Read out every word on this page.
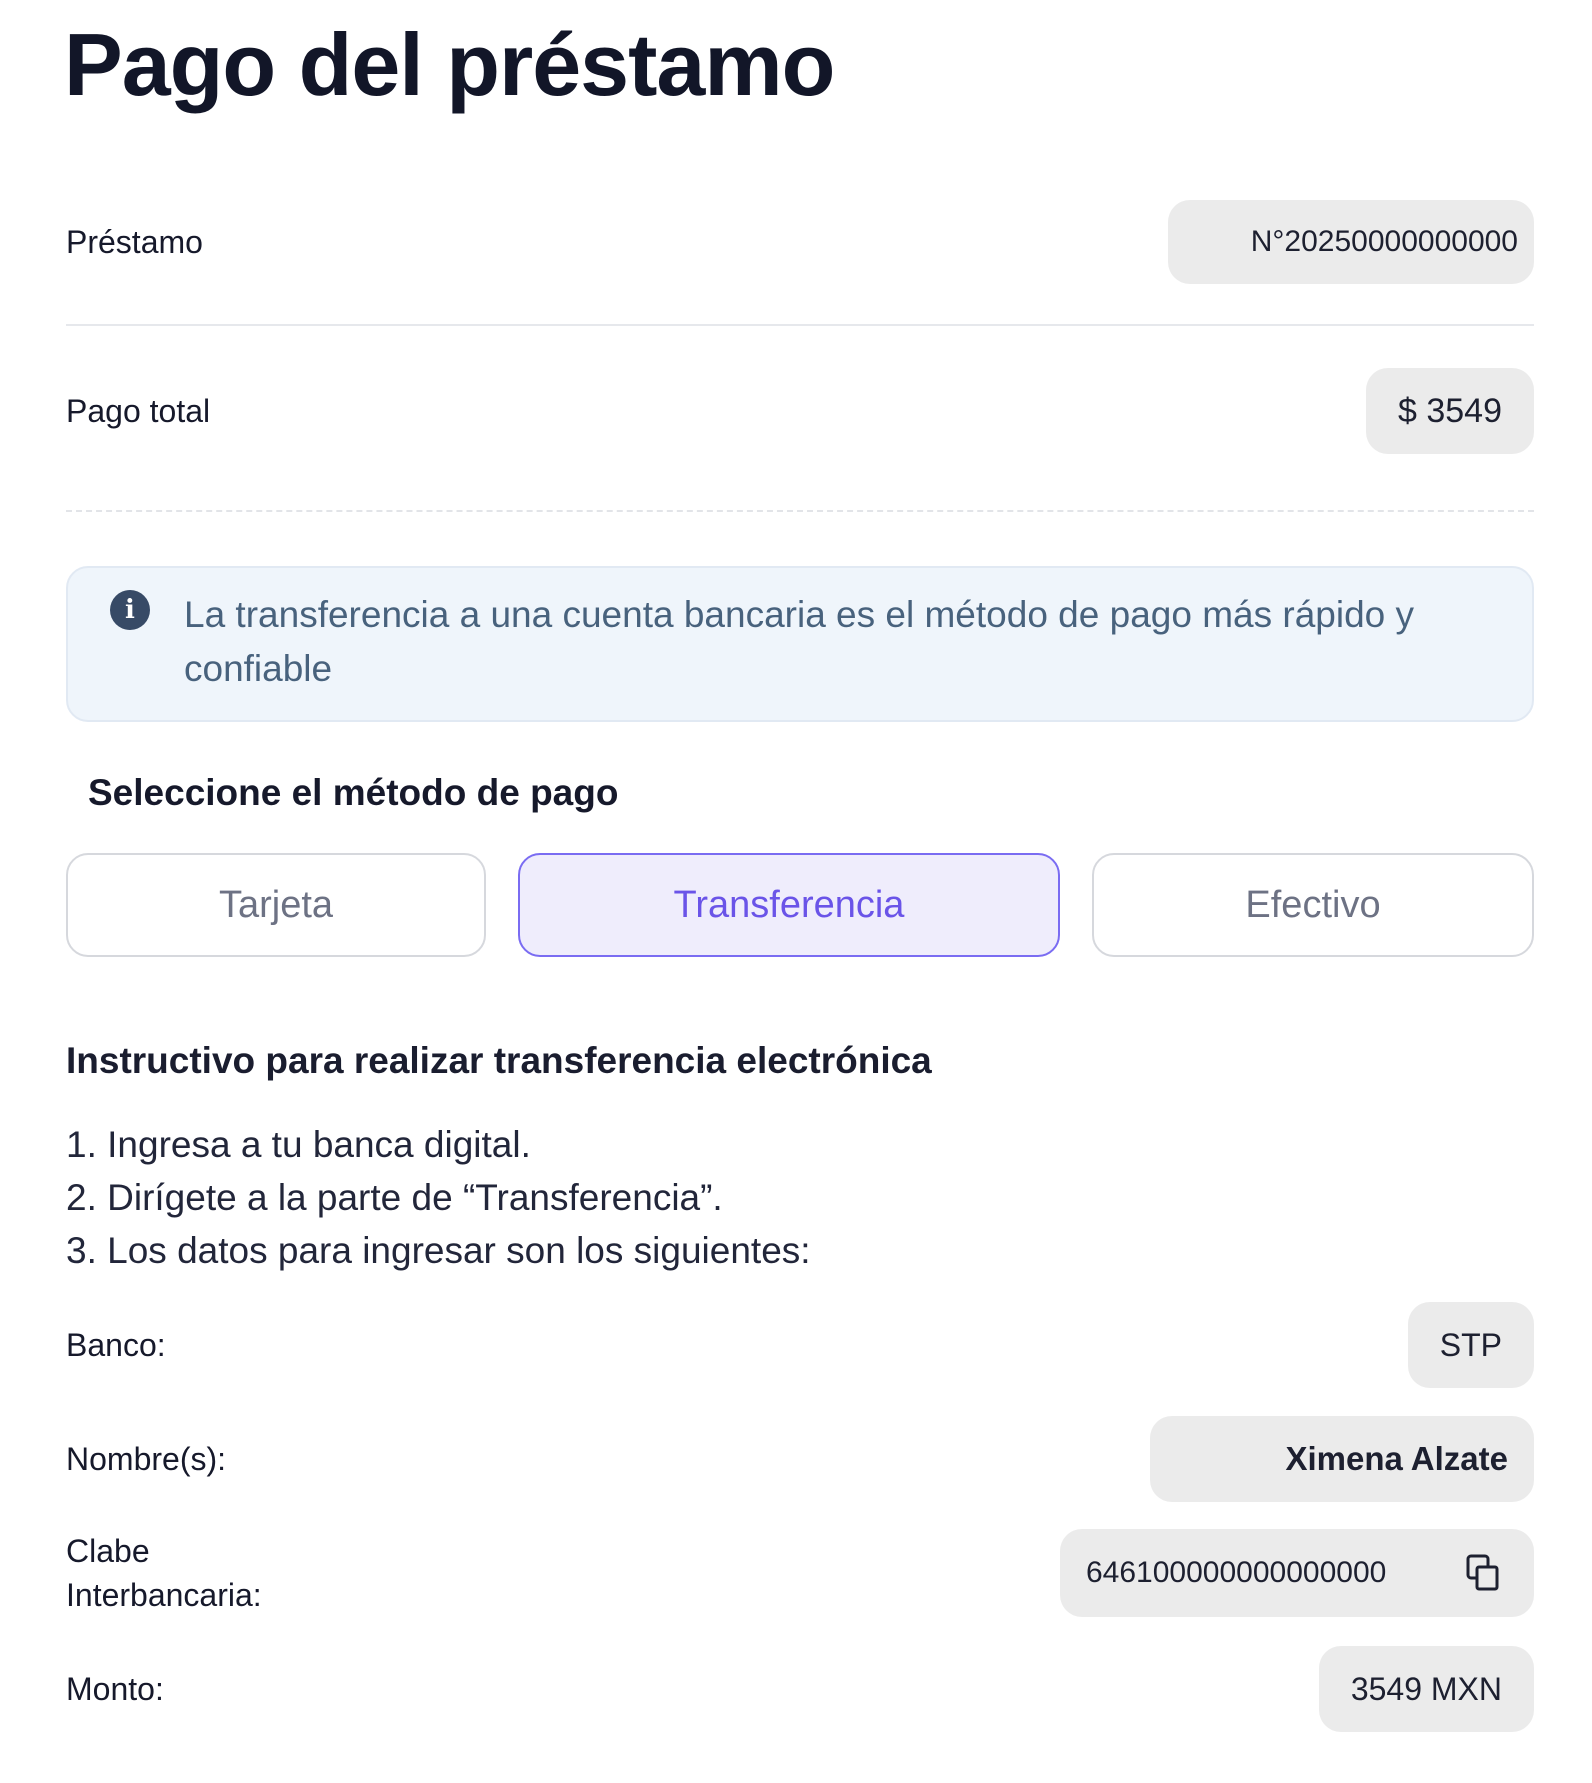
Pago del préstamo
Préstamo	N°20250000000000
Pago total	$ 3549
i	La transferencia a una cuenta bancaria es el método de pago más rápido y confiable

Seleccione el método de pago
Tarjeta	Transferencia	Efectivo
Instructivo para realizar transferencia electrónica
1. Ingresa a tu banca digital.
2. Dirígete a la parte de “Transferencia”.
3. Los datos para ingresar son los siguientes:
Banco:	STP
Nombre(s):	Ximena Alzate
Clabe
Interbancaria:
646100000000000000
Monto:	3549 MXN
